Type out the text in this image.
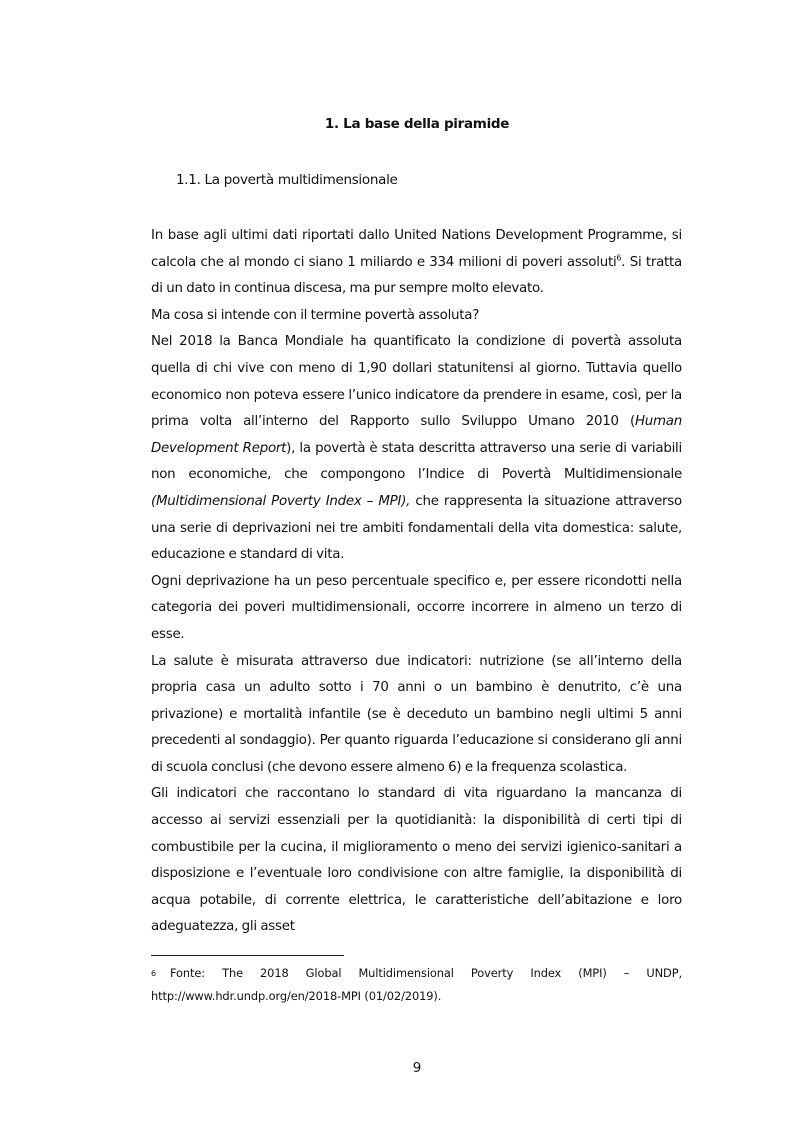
1. La base della piramide
1.1. La povertà multidimensionale

In base agli ultimi dati riportati dallo United Nations Development Programme, si calcola che al mondo ci siano 1 miliardo e 334 milioni di poveri assoluti$^6$. Si tratta di un dato in continua discesa, ma pur sempre molto elevato.

Ma cosa si intende con il termine povertà assoluta?

Nel 2018 la Banca Mondiale ha quantificato la condizione di povertà assoluta quella di chi vive con meno di 1,90 dollari statunitensi al giorno. Tuttavia quello economico non poteva essere l’unico indicatore da prendere in esame, così, per la prima volta all’interno del Rapporto sullo Sviluppo Umano 2010 (Human Development Report), la povertà è stata descritta attraverso una serie di variabili non economiche, che compongono l’Indice di Povertà Multidimensionale (Multidimensional Poverty Index – MPI), che rappresenta la situazione attraverso una serie di deprivazioni nei tre ambiti fondamentali della vita domestica: salute, educazione e standard di vita.

Ogni deprivazione ha un peso percentuale specifico e, per essere ricondotti nella categoria dei poveri multidimensionali, occorre incorrere in almeno un terzo di esse.

La salute è misurata attraverso due indicatori: nutrizione (se all’interno della propria casa un adulto sotto i 70 anni o un bambino è denutrito, c’è una privazione) e mortalità infantile (se è deceduto un bambino negli ultimi 5 anni precedenti al sondaggio). Per quanto riguarda l’educazione si considerano gli anni di scuola conclusi (che devono essere almeno 6) e la frequenza scolastica.

Gli indicatori che raccontano lo standard di vita riguardano la mancanza di accesso ai servizi essenziali per la quotidianità: la disponibilità di certi tipi di combustibile per la cucina, il miglioramento o meno dei servizi igienico-sanitari a disposizione e l’eventuale loro condivisione con altre famiglie, la disponibilità di acqua potabile, di corrente elettrica, le caratteristiche dell’abitazione e loro adeguatezza, gli asset

$^6$ Fonte: The 2018 Global Multidimensional Poverty Index (MPI) – UNDP, http://www.hdr.undp.org/en/2018-MPI (01/02/2019).
9
